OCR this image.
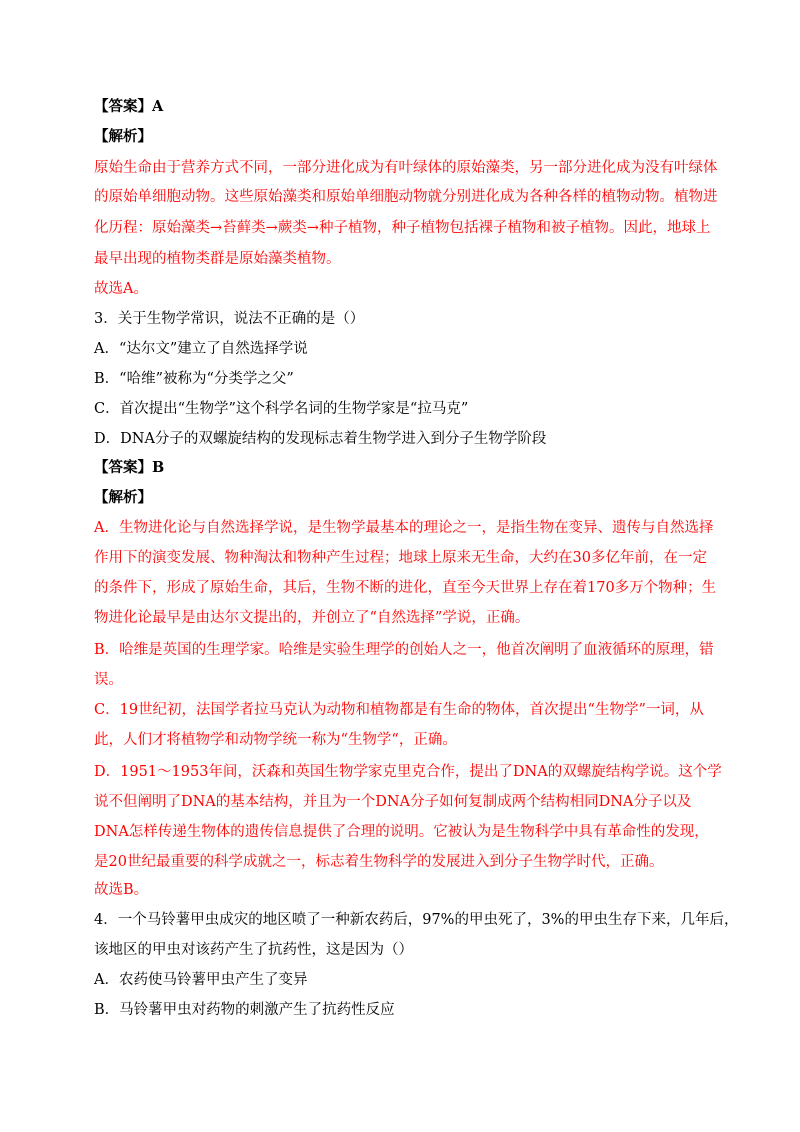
【答案】A
【解析】
原始生命由于营养方式不同，一部分进化成为有叶绿体的原始藻类，另一部分进化成为没有叶绿体
的原始单细胞动物。这些原始藻类和原始单细胞动物就分别进化成为各种各样的植物动物。植物进
化历程：原始藻类→苔藓类→蕨类→种子植物，种子植物包括裸子植物和被子植物。因此，地球上
最早出现的植物类群是原始藻类植物。
故选A。
3．关于生物学常识，说法不正确的是（）
A．“达尔文”建立了自然选择学说
B．“哈维”被称为“分类学之父”
C．首次提出“生物学”这个科学名词的生物学家是“拉马克”
D．DNA分子的双螺旋结构的发现标志着生物学进入到分子生物学阶段
【答案】B
【解析】
A．生物进化论与自然选择学说，是生物学最基本的理论之一，是指生物在变异、遗传与自然选择
作用下的演变发展、物种淘汰和物种产生过程；地球上原来无生命，大约在30多亿年前，在一定
的条件下，形成了原始生命，其后，生物不断的进化，直至今天世界上存在着170多万个物种；生
物进化论最早是由达尔文提出的，并创立了“自然选择”学说，正确。
B．哈维是英国的生理学家。哈维是实验生理学的创始人之一，他首次阐明了血液循环的原理，错
误。
C．19世纪初，法国学者拉马克认为动物和植物都是有生命的物体，首次提出“生物学”一词，从
此，人们才将植物学和动物学统一称为“生物学“，正确。
D．1951～1953年间，沃森和英国生物学家克里克合作，提出了DNA的双螺旋结构学说。这个学
说不但阐明了DNA的基本结构，并且为一个DNA分子如何复制成两个结构相同DNA分子以及
DNA怎样传递生物体的遗传信息提供了合理的说明。它被认为是生物科学中具有革命性的发现，
是20世纪最重要的科学成就之一，标志着生物科学的发展进入到分子生物学时代，正确。
故选B。
4．一个马铃薯甲虫成灾的地区喷了一种新农药后，97%的甲虫死了，3%的甲虫生存下来，几年后，
该地区的甲虫对该药产生了抗药性，这是因为（）
A．农药使马铃薯甲虫产生了变异
B．马铃薯甲虫对药物的刺激产生了抗药性反应
